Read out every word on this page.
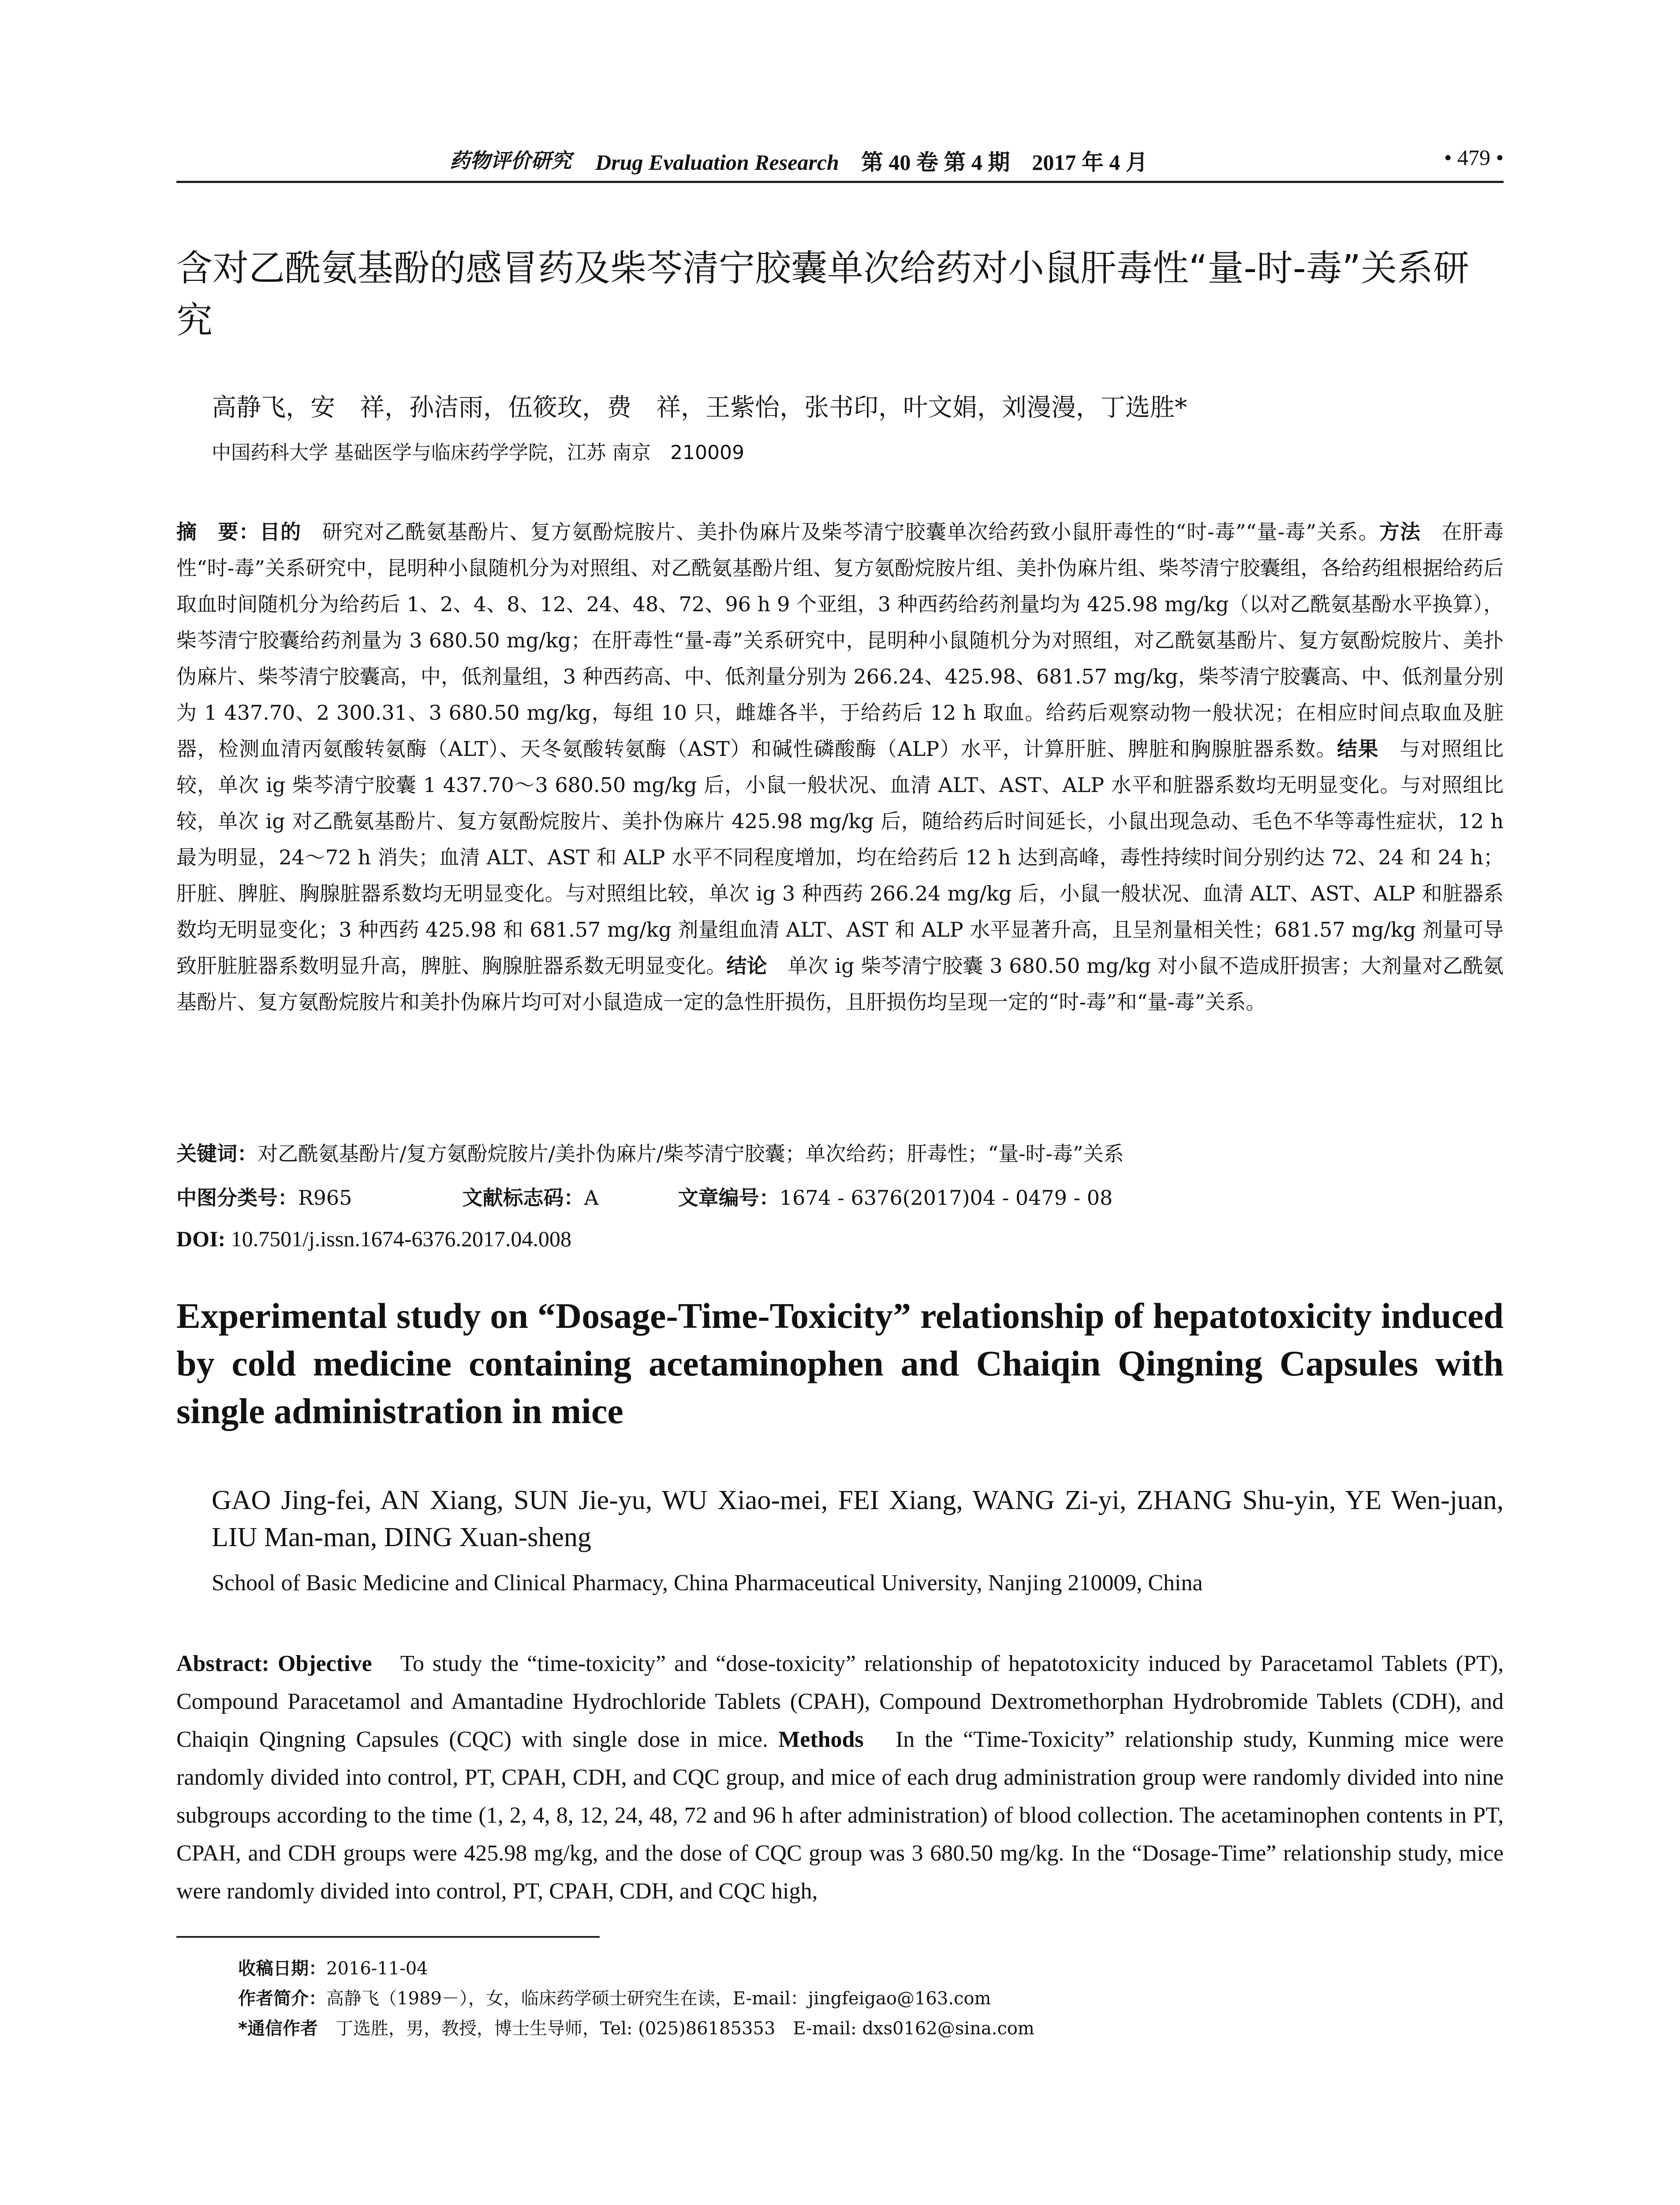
药物评价研究 Drug Evaluation Research　 第 40 卷 第 4 期　2017 年 4 月	• 479 •
含对乙酰氨基酚的感冒药及柴芩清宁胶囊单次给药对小鼠肝毒性“量-时-毒”关系研究
高静飞，安　祥，孙洁雨，伍筱玫，费　祥，王紫怡，张书印，叶文娟，刘漫漫，丁选胜*
中国药科大学 基础医学与临床药学学院，江苏 南京　210009

摘　要：目的　 研究对乙酰氨基酚片、复方氨酚烷胺片、美扑伪麻片及柴芩清宁胶囊单次给药致小鼠肝毒性的“时-毒”“量-毒”关系。方法　 在肝毒性“时-毒”关系研究中，昆明种小鼠随机分为对照组、对乙酰氨基酚片组、复方氨酚烷胺片组、美扑伪麻片组、柴芩清宁胶囊组，各给药组根据给药后取血时间随机分为给药后 1、2、4、8、12、24、48、72、96 h 9 个亚组，3 种西药给药剂量均为 425.98 mg/kg（以对乙酰氨基酚水平换算），柴芩清宁胶囊给药剂量为 3 680.50 mg/kg；在肝毒性“量-毒”关系研究中，昆明种小鼠随机分为对照组，对乙酰氨基酚片、复方氨酚烷胺片、美扑伪麻片、柴芩清宁胶囊高，中，低剂量组，3 种西药高、中、低剂量分别为 266.24、425.98、681.57 mg/kg，柴芩清宁胶囊高、中、低剂量分别为 1 437.70、2 300.31、3 680.50 mg/kg，每组 10 只，雌雄各半，于给药后 12 h 取血。给药后观察动物一般状况；在相应时间点取血及脏器，检测血清丙氨酸转氨酶（ALT）、天冬氨酸转氨酶（AST）和碱性磷酸酶（ALP）水平，计算肝脏、脾脏和胸腺脏器系数。结果　 与对照组比较，单次 ig 柴芩清宁胶囊 1 437.70～3 680.50 mg/kg 后，小鼠一般状况、血清 ALT、AST、ALP 水平和脏器系数均无明显变化。与对照组比较，单次 ig 对乙酰氨基酚片、复方氨酚烷胺片、美扑伪麻片 425.98 mg/kg 后，随给药后时间延长，小鼠出现急动、毛色不华等毒性症状，12 h 最为明显，24～72 h 消失；血清 ALT、AST 和 ALP 水平不同程度增加，均在给药后 12 h 达到高峰，毒性持续时间分别约达 72、24 和 24 h；肝脏、脾脏、胸腺脏器系数均无明显变化。与对照组比较，单次 ig 3 种西药 266.24 mg/kg 后，小鼠一般状况、血清 ALT、AST、ALP 和脏器系数均无明显变化；3 种西药 425.98 和 681.57 mg/kg 剂量组血清 ALT、AST 和 ALP 水平显著升高，且呈剂量相关性；681.57 mg/kg 剂量可导致肝脏脏器系数明显升高，脾脏、胸腺脏器系数无明显变化。结论　 单次 ig 柴芩清宁胶囊 3 680.50 mg/kg 对小鼠不造成肝损害；大剂量对乙酰氨基酚片、复方氨酚烷胺片和美扑伪麻片均可对小鼠造成一定的急性肝损伤，且肝损伤均呈现一定的“时-毒”和“量-毒”关系。

关键词：对乙酰氨基酚片/复方氨酚烷胺片/美扑伪麻片/柴芩清宁胶囊；单次给药；肝毒性；“量-时-毒”关系
中图分类号：R965	文献标志码：A	文章编号：1674 - 6376(2017)04 - 0479 - 08
DOI: 10.7501/j.issn.1674-6376.2017.04.008
Experimental study on “Dosage-Time-Toxicity” relationship of hepatotoxicity induced by cold medicine containing acetaminophen and Chaiqin Qingning Capsules with single administration in mice
GAO Jing-fei, AN Xiang, SUN Jie-yu, WU Xiao-mei, FEI Xiang, WANG Zi-yi, ZHANG Shu-yin, YE Wen-juan, LIU Man-man, DING Xuan-sheng
School of Basic Medicine and Clinical Pharmacy, China Pharmaceutical University, Nanjing 210009, China

Abstract: Objective　 To study the “time-toxicity” and “dose-toxicity” relationship of hepatotoxicity induced by Paracetamol Tablets (PT), Compound Paracetamol and Amantadine Hydrochloride Tablets (CPAH), Compound Dextromethorphan Hydrobromide Tablets (CDH), and Chaiqin Qingning Capsules (CQC) with single dose in mice. Methods　 In the “Time-Toxicity” relationship study, Kunming mice were randomly divided into control, PT, CPAH, CDH, and CQC group, and mice of each drug administration group were randomly divided into nine subgroups according to the time (1, 2, 4, 8, 12, 24, 48, 72 and 96 h after administration) of blood collection. The acetaminophen contents in PT, CPAH, and CDH groups were 425.98 mg/kg, and the dose of CQC group was 3 680.50 mg/kg. In the “Dosage-Time” relationship study, mice were randomly divided into control, PT, CPAH, CDH, and CQC high,

收稿日期：2016-11-04
作者简介：高静飞（1989－），女，临床药学硕士研究生在读，E-mail：jingfeigao@163.com
*通信作者　 丁选胜，男，教授，博士生导师，Tel: (025)86185353　E-mail: dxs0162@sina.com
